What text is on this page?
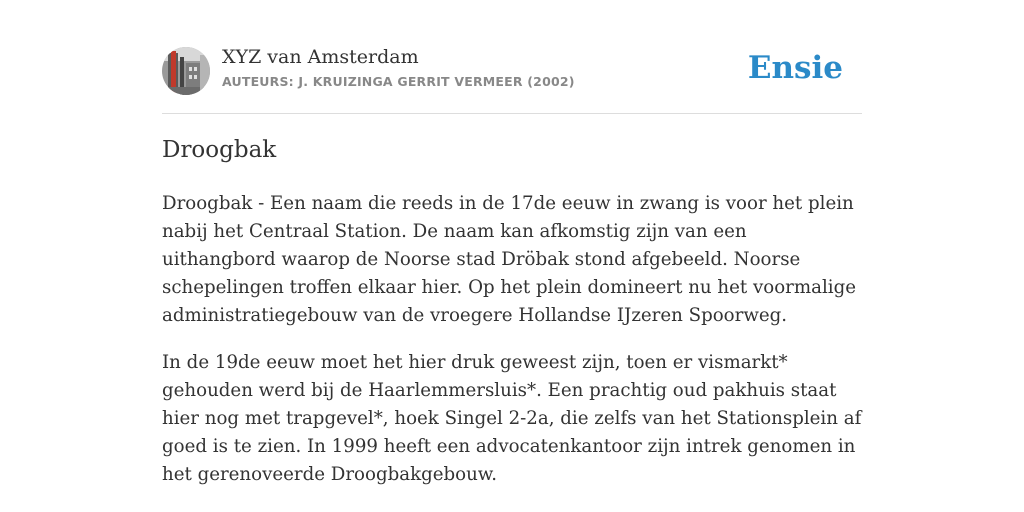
XYZ van Amsterdam
AUTEURS: J. KRUIZINGA GERRIT VERMEER (2002)	Ensie
Droogbak

Droogbak - Een naam die reeds in de 17de eeuw in zwang is voor het plein nabij het Centraal Station. De naam kan afkomstig zijn van een uithangbord waarop de Noorse stad Dröbak stond afgebeeld. Noorse schepelingen troffen elkaar hier. Op het plein domineert nu het voormalige administratiegebouw van de vroegere Hollandse IJzeren Spoorweg.

In de 19de eeuw moet het hier druk geweest zijn, toen er vismarkt* gehouden werd bij de Haarlemmersluis*. Een prachtig oud pakhuis staat hier nog met trapgevel*, hoek Singel 2-2a, die zelfs van het Stationsplein af goed is te zien. In 1999 heeft een advocatenkantoor zijn intrek genomen in het gerenoveerde Droogbakgebouw.
